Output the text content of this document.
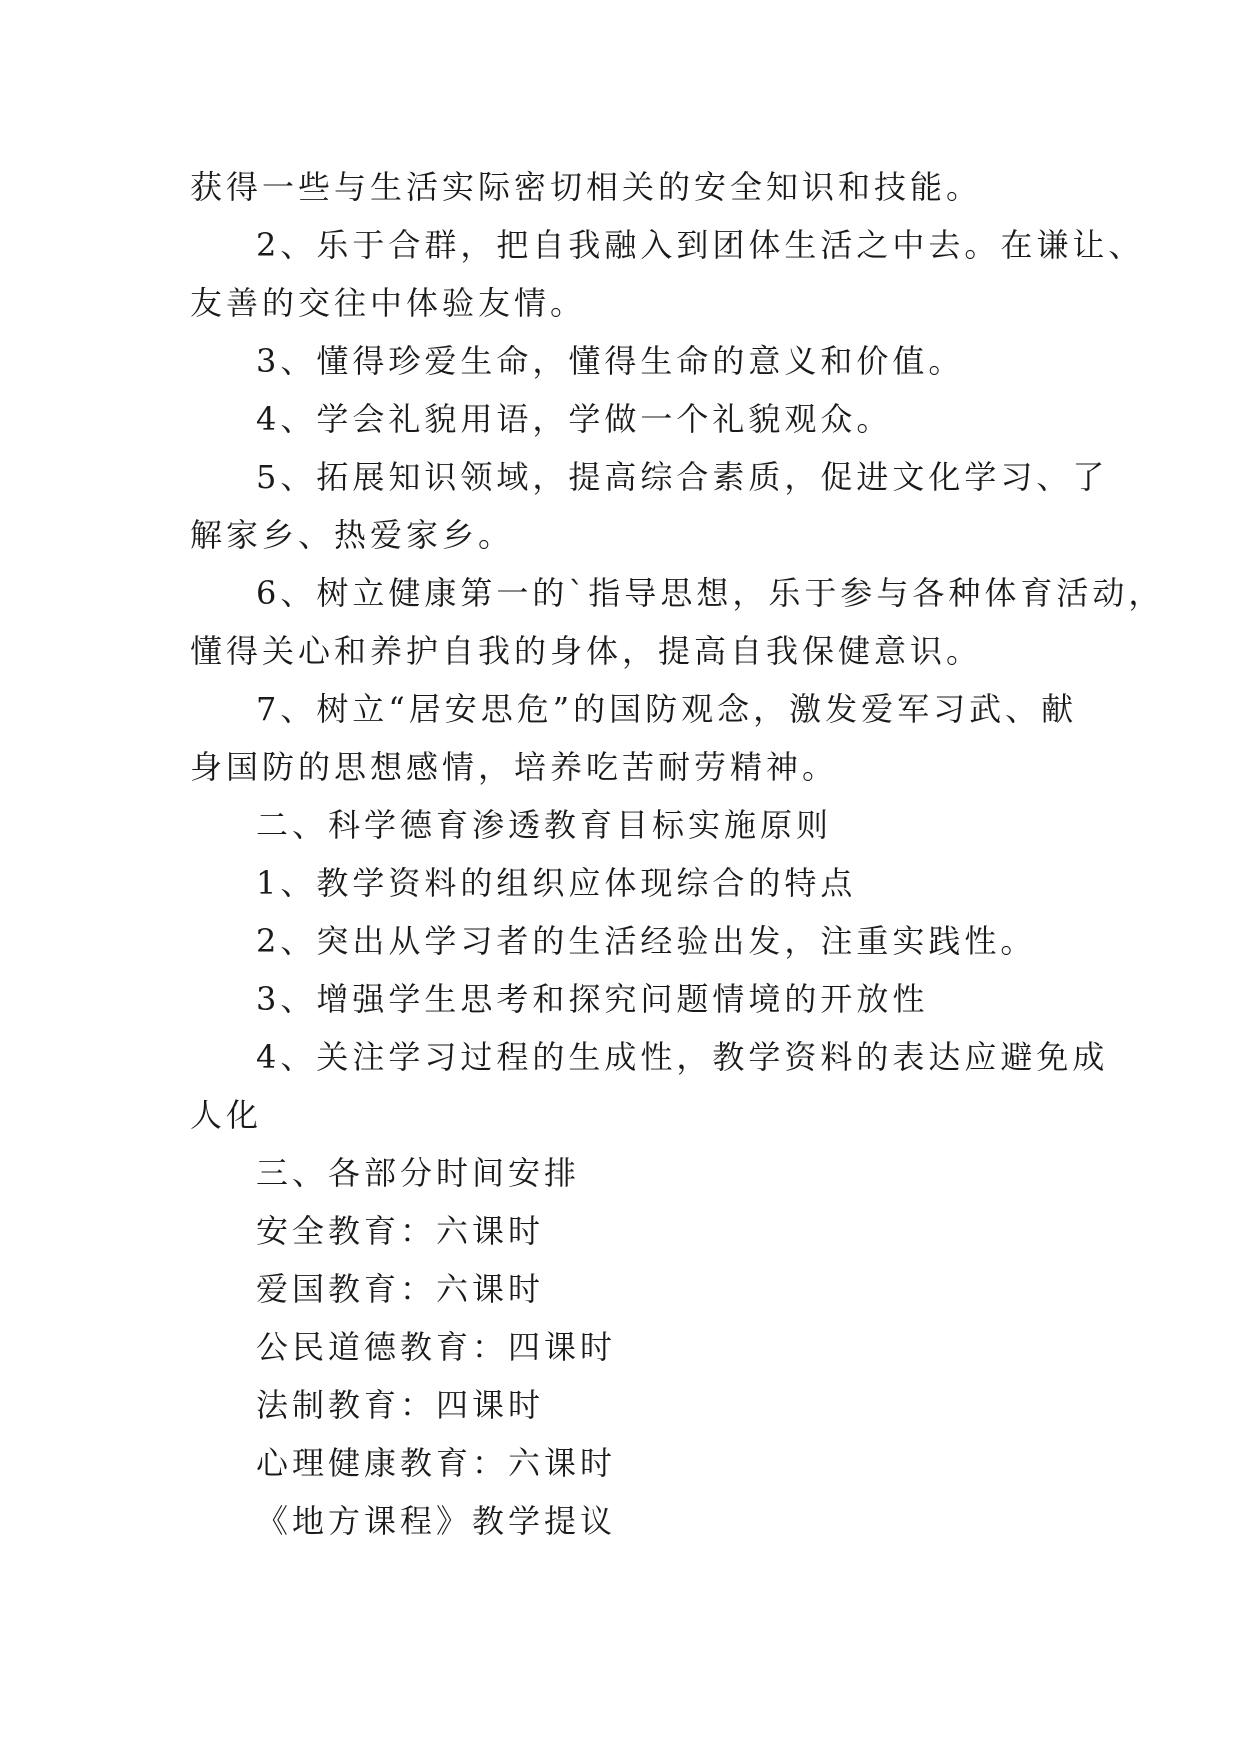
获得一些与生活实际密切相关的安全知识和技能。
2、乐于合群，把自我融入到团体生活之中去。在谦让、
友善的交往中体验友情。
3、懂得珍爱生命，懂得生命的意义和价值。
4、学会礼貌用语，学做一个礼貌观众。
5、拓展知识领域，提高综合素质，促进文化学习、了
解家乡、热爱家乡。
6、树立健康第一的`指导思想，乐于参与各种体育活动，
懂得关心和养护自我的身体，提高自我保健意识。
7、树立“居安思危”的国防观念，激发爱军习武、献
身国防的思想感情，培养吃苦耐劳精神。
二、科学德育渗透教育目标实施原则
1、教学资料的组织应体现综合的特点
2、突出从学习者的生活经验出发，注重实践性。
3、增强学生思考和探究问题情境的开放性
4、关注学习过程的生成性，教学资料的表达应避免成
人化
三、各部分时间安排
安全教育：六课时
爱国教育：六课时
公民道德教育：四课时
法制教育：四课时
心理健康教育：六课时
《地方课程》教学提议
